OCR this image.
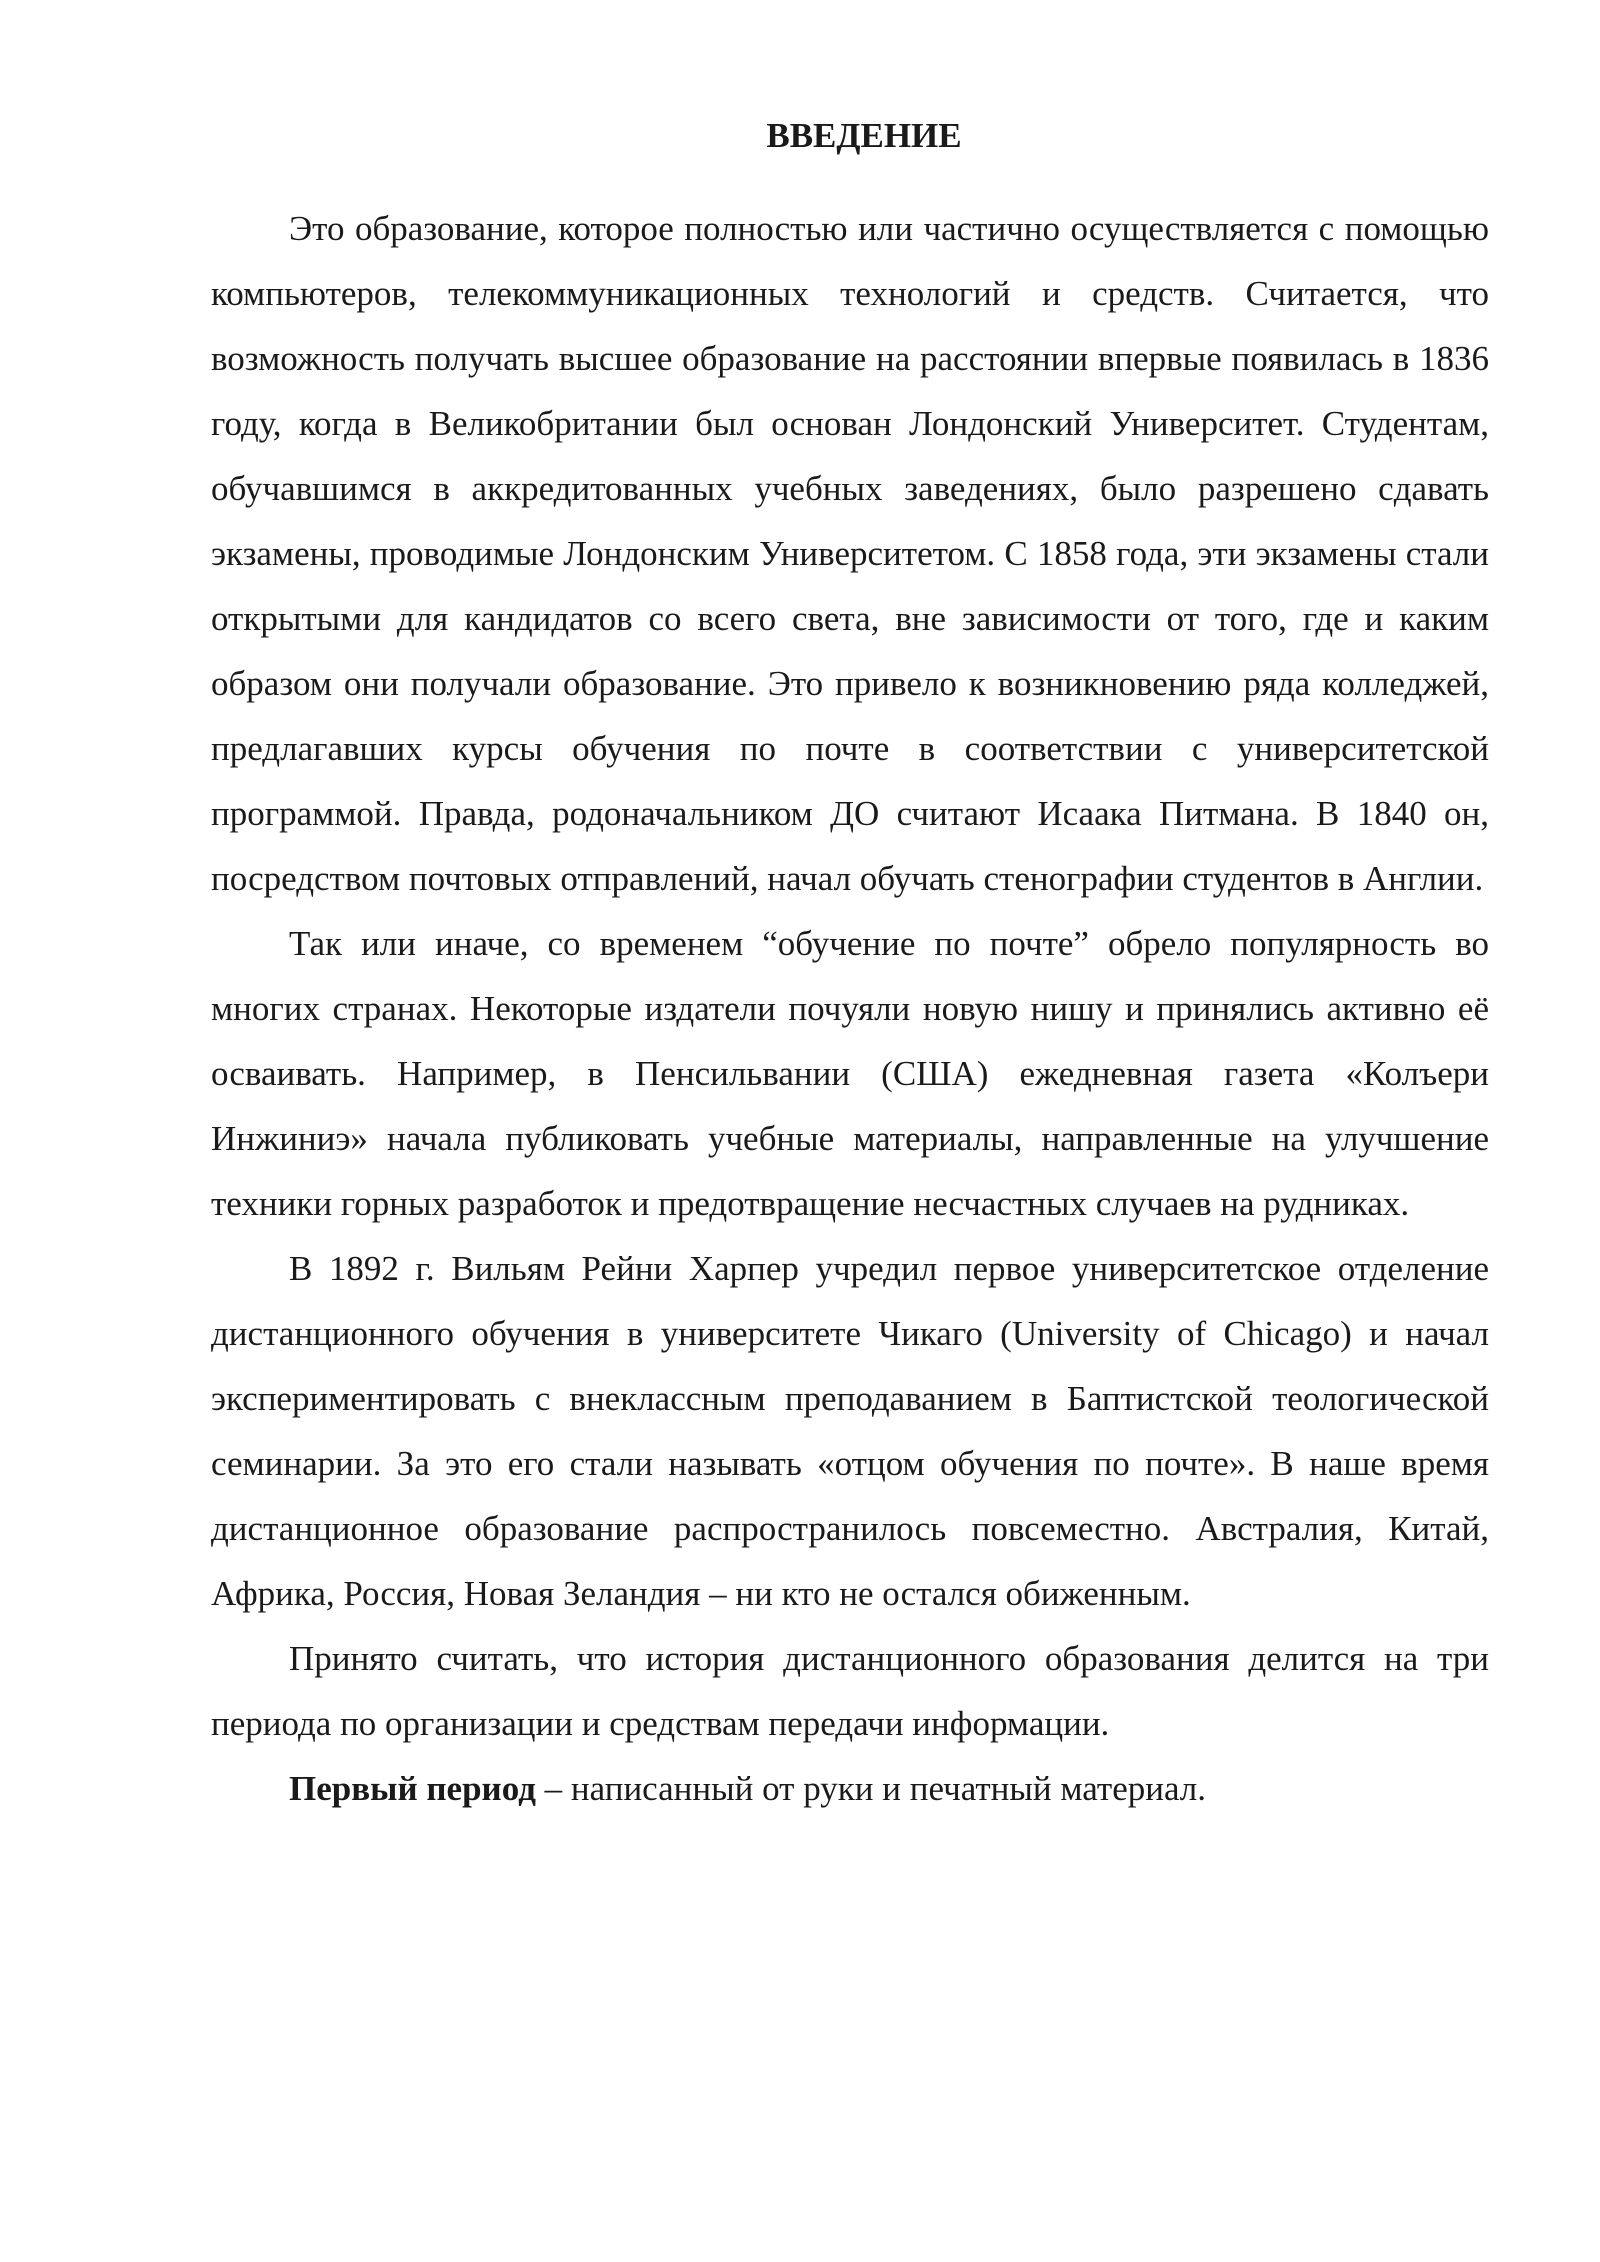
ВВЕДЕНИЕ

Это образование, которое полностью или частично осуществляется с помощью компьютеров, телекоммуникационных технологий и средств. Считается, что возможность получать высшее образование на расстоянии впервые появилась в 1836 году, когда в Великобритании был основан Лондонский Университет. Студентам, обучавшимся в аккредитованных учебных заведениях, было разрешено сдавать экзамены, проводимые Лондонским Университетом. С 1858 года, эти экзамены стали открытыми для кандидатов со всего света, вне зависимости от того, где и каким образом они получали образование. Это привело к возникновению ряда колледжей, предлагавших курсы обучения по почте в соответствии с университетской программой. Правда, родоначальником ДО считают Исаака Питмана. В 1840 он, посредством почтовых отправлений, начал обучать стенографии студентов в Англии.

Так или иначе, со временем “обучение по почте” обрело популярность во многих странах. Некоторые издатели почуяли новую нишу и принялись активно её осваивать. Например, в Пенсильвании (США) ежедневная газета «Колъери Инжиниэ» начала публиковать учебные материалы, направленные на улучшение техники горных разработок и предотвращение несчастных случаев на рудниках.

В 1892 г. Вильям Рейни Харпер учредил первое университетское отделение дистанционного обучения в университете Чикаго (University of Chicago) и начал экспериментировать с внеклассным преподаванием в Баптистской теологической семинарии. За это его стали называть «отцом обучения по почте». В наше время дистанционное образование распространилось повсеместно. Австралия, Китай, Африка, Россия, Новая Зеландия – ни кто не остался обиженным.

Принято считать, что история дистанционного образования делится на три периода по организации и средствам передачи информации.

Первый период – написанный от руки и печатный материал.
